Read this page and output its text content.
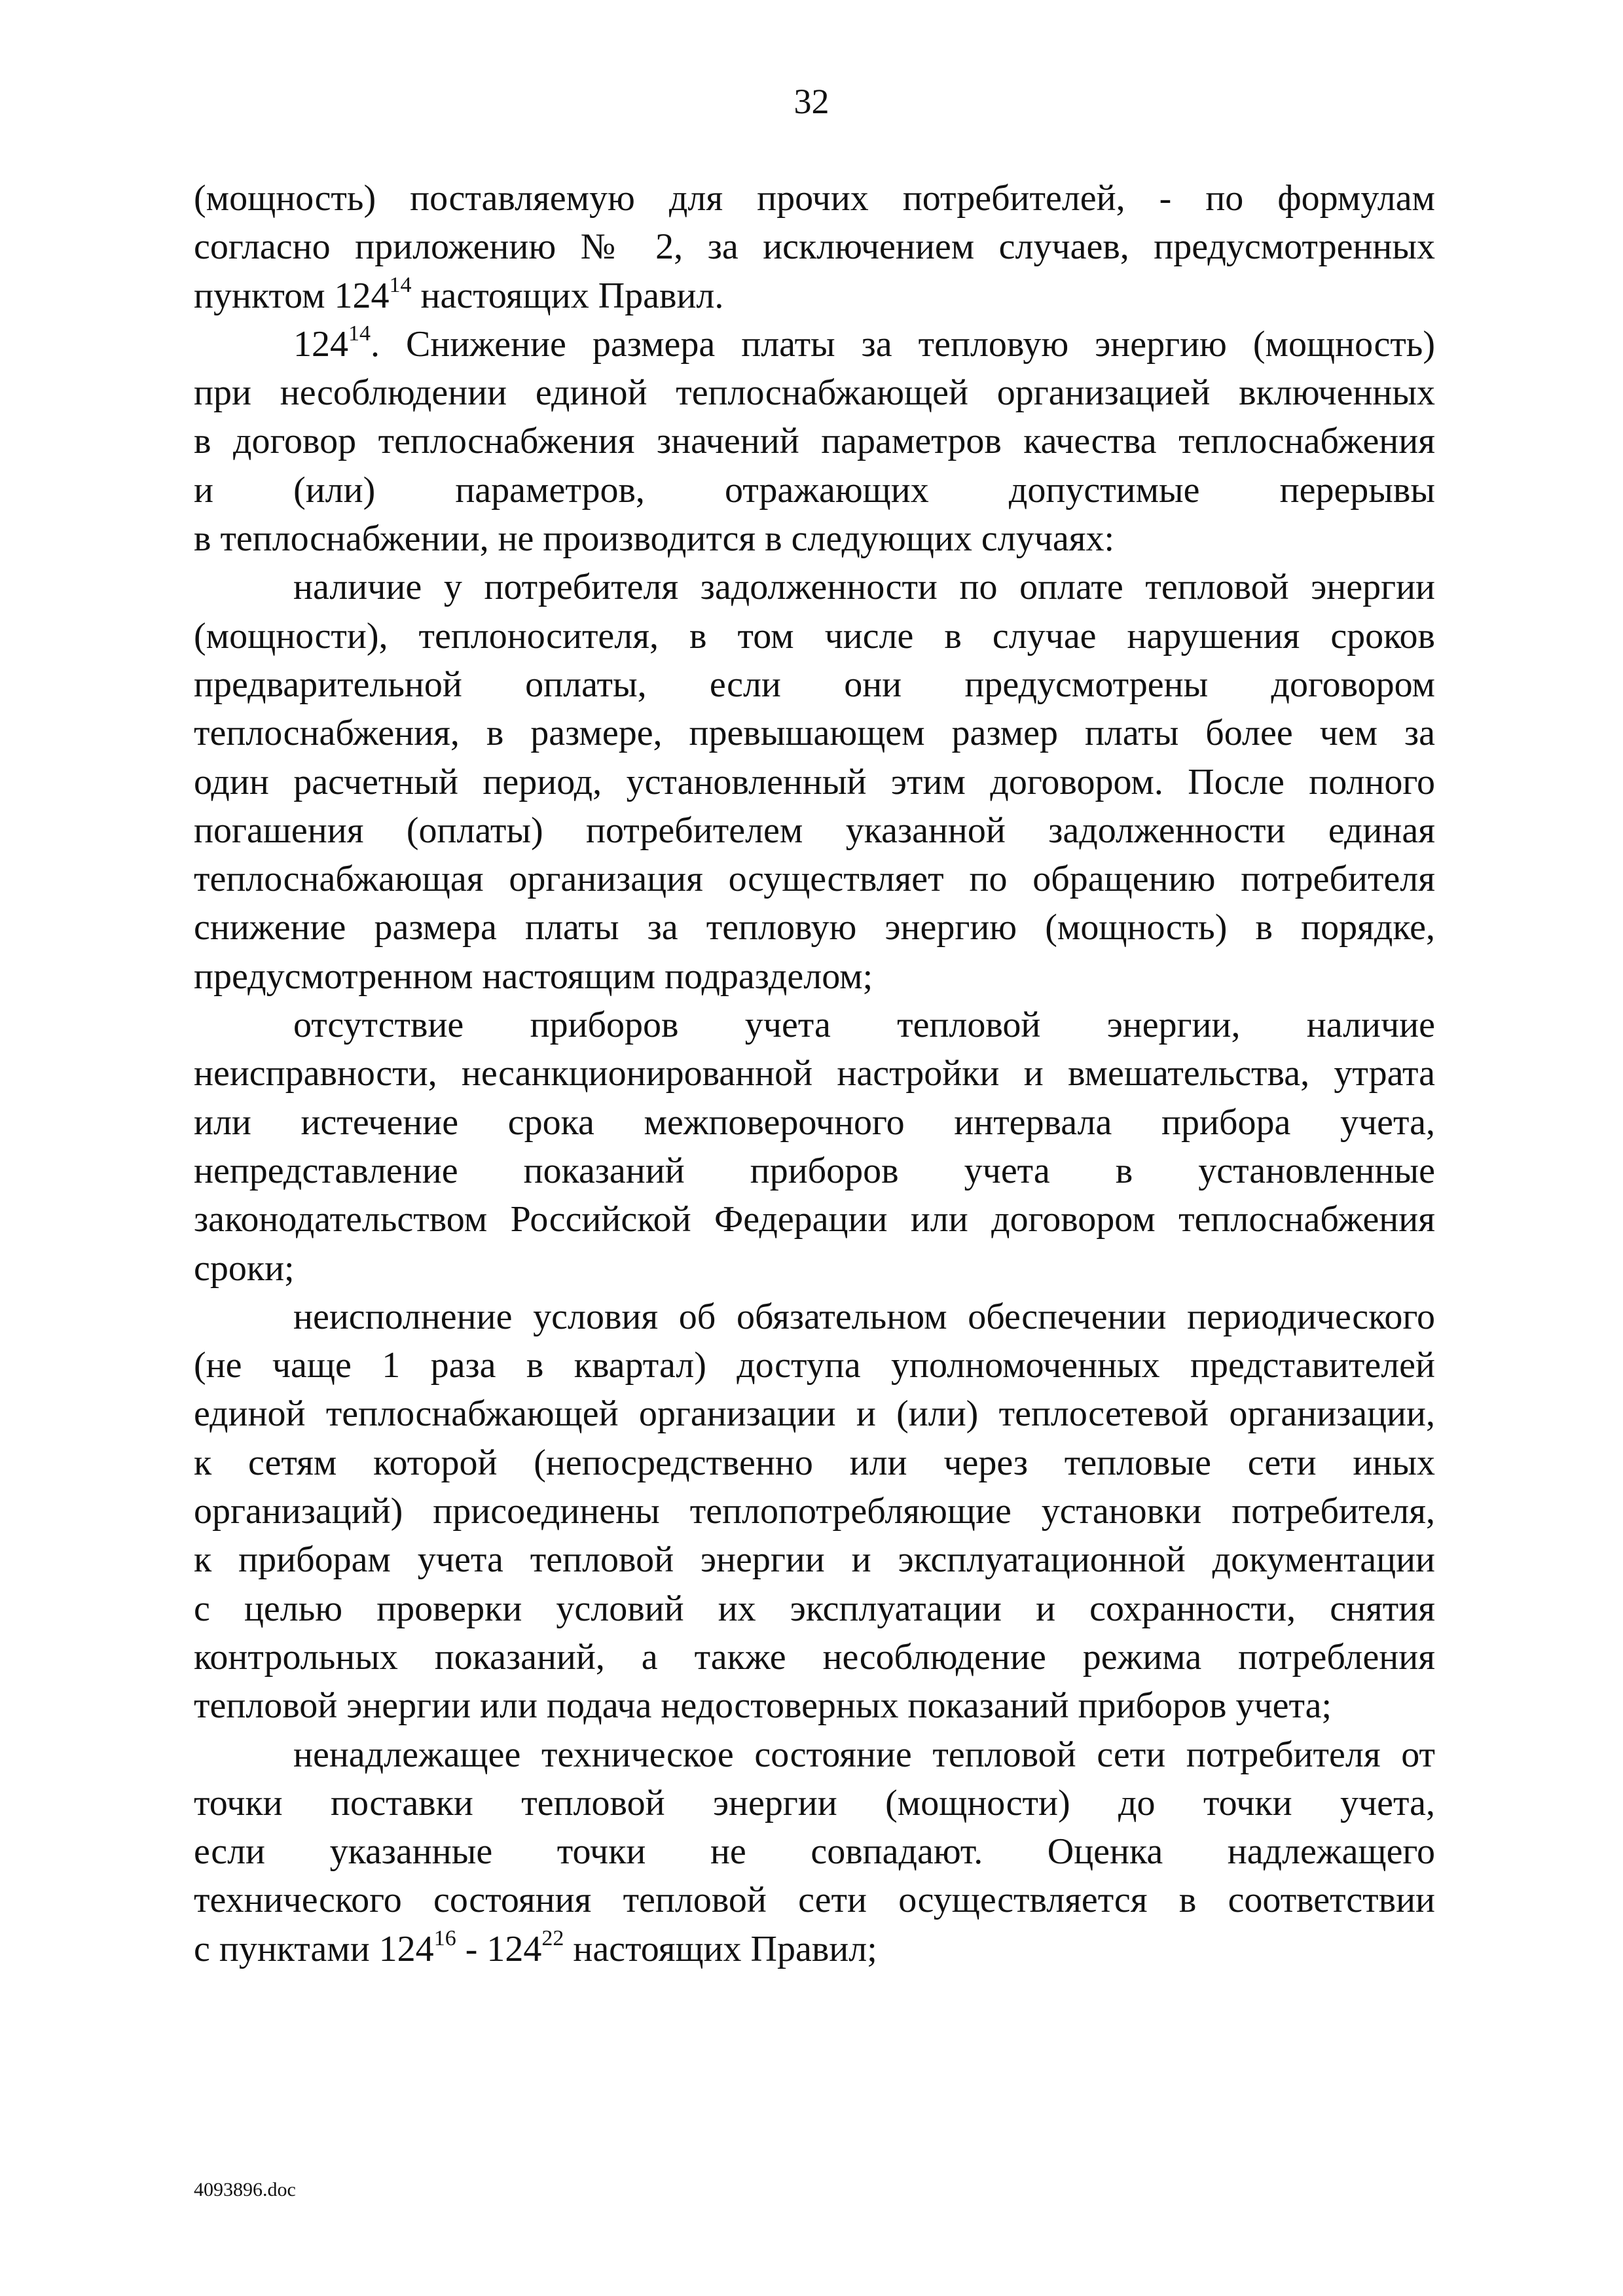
32

(мощность) поставляемую для прочих потребителей, - по формулам
согласно приложению № 2, за исключением случаев, предусмотренных
пунктом $124^{14}$ настоящих Правил.

$124^{14}$. Снижение размера платы за тепловую энергию (мощность)
при несоблюдении единой теплоснабжающей организацией включенных
в договор теплоснабжения значений параметров качества теплоснабжения
и (или) параметров, отражающих допустимые перерывы
в теплоснабжении, не производится в следующих случаях:

наличие у потребителя задолженности по оплате тепловой энергии
(мощности), теплоносителя, в том числе в случае нарушения сроков
предварительной оплаты, если они предусмотрены договором
теплоснабжения, в размере, превышающем размер платы более чем за
один расчетный период, установленный этим договором. После полного
погашения (оплаты) потребителем указанной задолженности единая
теплоснабжающая организация осуществляет по обращению потребителя
снижение размера платы за тепловую энергию (мощность) в порядке,
предусмотренном настоящим подразделом;

отсутствие приборов учета тепловой энергии, наличие
неисправности, несанкционированной настройки и вмешательства, утрата
или истечение срока межповерочного интервала прибора учета,
непредставление показаний приборов учета в установленные
законодательством Российской Федерации или договором теплоснабжения
сроки;

неисполнение условия об обязательном обеспечении периодического
(не чаще 1 раза в квартал) доступа уполномоченных представителей
единой теплоснабжающей организации и (или) теплосетевой организации,
к сетям которой (непосредственно или через тепловые сети иных
организаций) присоединены теплопотребляющие установки потребителя,
к приборам учета тепловой энергии и эксплуатационной документации
с целью проверки условий их эксплуатации и сохранности, снятия
контрольных показаний, а также несоблюдение режима потребления
тепловой энергии или подача недостоверных показаний приборов учета;

ненадлежащее техническое состояние тепловой сети потребителя от
точки поставки тепловой энергии (мощности) до точки учета,
если указанные точки не совпадают. Оценка надлежащего
технического состояния тепловой сети осуществляется в соответствии
с пунктами $124^{16} - 124^{22}$ настоящих Правил;

4093896.doc
